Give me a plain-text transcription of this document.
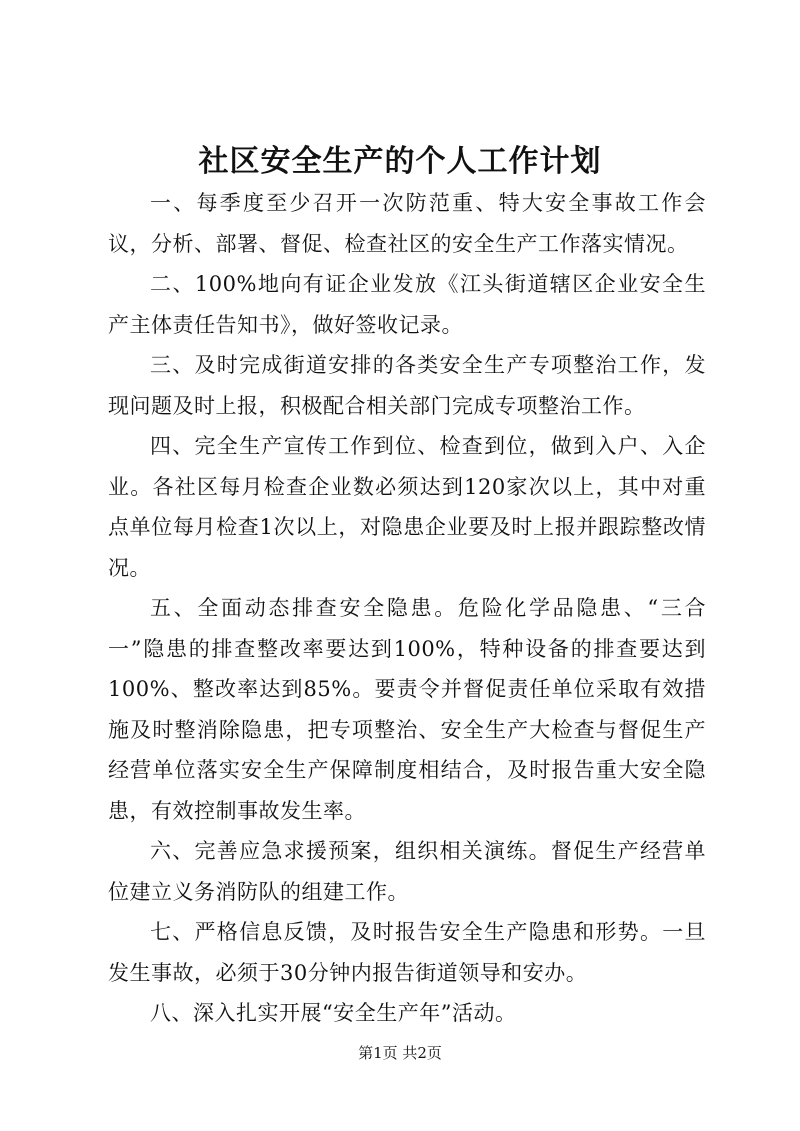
社区安全生产的个人工作计划

一、每季度至少召开一次防范重、特大安全事故工作会议，分析、部署、督促、检查社区的安全生产工作落实情况。

二、100%地向有证企业发放《江头街道辖区企业安全生产主体责任告知书》，做好签收记录。

三、及时完成街道安排的各类安全生产专项整治工作，发现问题及时上报，积极配合相关部门完成专项整治工作。

四、完全生产宣传工作到位、检查到位，做到入户、入企业。各社区每月检查企业数必须达到120家次以上，其中对重点单位每月检查1次以上，对隐患企业要及时上报并跟踪整改情况。

五、全面动态排查安全隐患。危险化学品隐患、“三合一”隐患的排查整改率要达到100%，特种设备的排查要达到100%、整改率达到85%。要责令并督促责任单位采取有效措施及时整消除隐患，把专项整治、安全生产大检查与督促生产经营单位落实安全生产保障制度相结合，及时报告重大安全隐患，有效控制事故发生率。

六、完善应急求援预案，组织相关演练。督促生产经营单位建立义务消防队的组建工作。

七、严格信息反馈，及时报告安全生产隐患和形势。一旦发生事故，必须于30分钟内报告街道领导和安办。

八、深入扎实开展“安全生产年”活动。

第1页 共2页
